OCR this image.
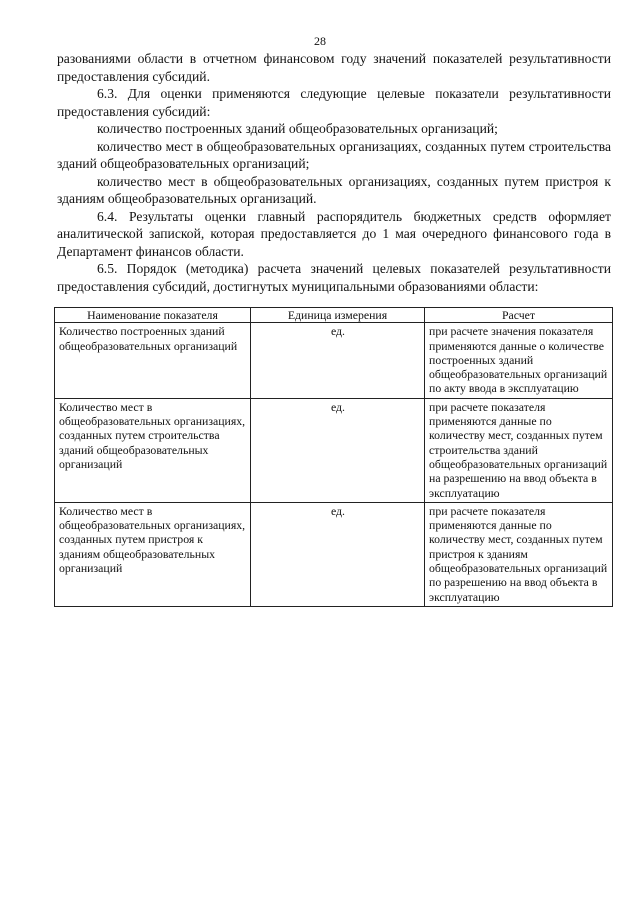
28

разованиями области в отчетном финансовом году значений показателей результативности предоставления субсидий.

6.3. Для оценки применяются следующие целевые показатели результативности предоставления субсидий:

количество построенных зданий общеобразовательных организаций;

количество мест в общеобразовательных организациях, созданных путем строительства зданий общеобразовательных организаций;

количество мест в общеобразовательных организациях, созданных путем пристроя к зданиям общеобразовательных организаций.

6.4. Результаты оценки главный распорядитель бюджетных средств оформляет аналитической запиской, которая предоставляется до 1 мая очередного финансового года в Департамент финансов области.

6.5. Порядок (методика) расчета значений целевых показателей результативности предоставления субсидий, достигнутых муниципальными образованиями области:

Наименование показателя	Единица измерения	Расчет
Количество построенных зданий общеобразовательных организаций	ед.	при расчете значения показателя применяются данные о количестве построенных зданий общеобразовательных организаций по акту ввода в эксплуатацию
Количество мест в общеобразовательных организациях, созданных путем строительства зданий общеобразовательных организаций	ед.	при расчете показателя применяются данные по количеству мест, созданных путем строительства зданий общеобразовательных организаций на разрешению на ввод объекта в эксплуатацию
Количество мест в общеобразовательных организациях, созданных путем пристроя к зданиям общеобразовательных организаций	ед.	при расчете показателя применяются данные по количеству мест, созданных путем пристроя к зданиям общеобразовательных организаций по разрешению на ввод объекта в эксплуатацию
